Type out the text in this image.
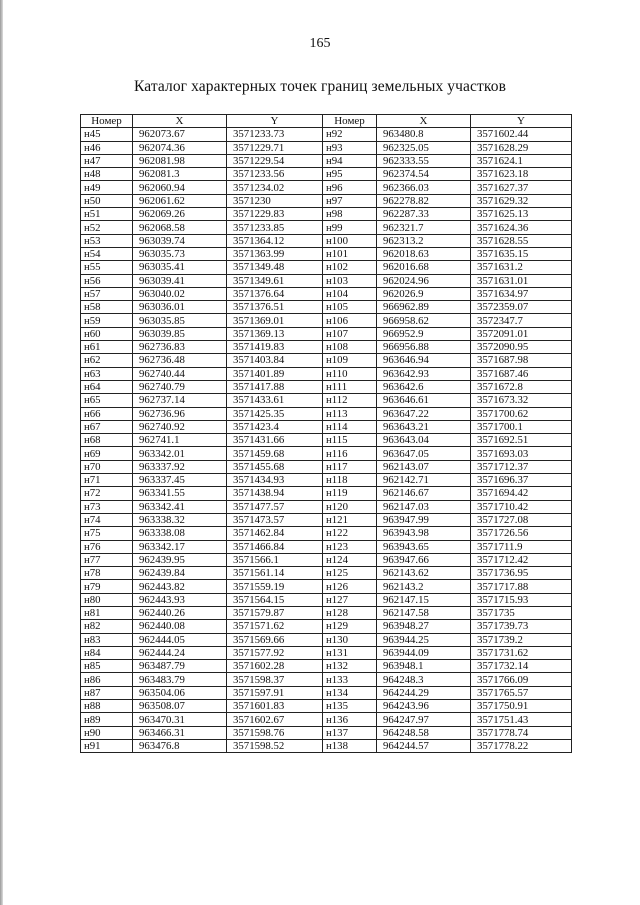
165
Каталог характерных точек границ земельных участков
Номер	X	Y	Номер	X	Y
н45	962073.67	3571233.73	н92	963480.8	3571602.44
н46	962074.36	3571229.71	н93	962325.05	3571628.29
н47	962081.98	3571229.54	н94	962333.55	3571624.1
н48	962081.3	3571233.56	н95	962374.54	3571623.18
н49	962060.94	3571234.02	н96	962366.03	3571627.37
н50	962061.62	3571230	н97	962278.82	3571629.32
н51	962069.26	3571229.83	н98	962287.33	3571625.13
н52	962068.58	3571233.85	н99	962321.7	3571624.36
н53	963039.74	3571364.12	н100	962313.2	3571628.55
н54	963035.73	3571363.99	н101	962018.63	3571635.15
н55	963035.41	3571349.48	н102	962016.68	3571631.2
н56	963039.41	3571349.61	н103	962024.96	3571631.01
н57	963040.02	3571376.64	н104	962026.9	3571634.97
н58	963036.01	3571376.51	н105	966962.89	3572359.07
н59	963035.85	3571369.01	н106	966958.62	3572347.7
н60	963039.85	3571369.13	н107	966952.9	3572091.01
н61	962736.83	3571419.83	н108	966956.88	3572090.95
н62	962736.48	3571403.84	н109	963646.94	3571687.98
н63	962740.44	3571401.89	н110	963642.93	3571687.46
н64	962740.79	3571417.88	н111	963642.6	3571672.8
н65	962737.14	3571433.61	н112	963646.61	3571673.32
н66	962736.96	3571425.35	н113	963647.22	3571700.62
н67	962740.92	3571423.4	н114	963643.21	3571700.1
н68	962741.1	3571431.66	н115	963643.04	3571692.51
н69	963342.01	3571459.68	н116	963647.05	3571693.03
н70	963337.92	3571455.68	н117	962143.07	3571712.37
н71	963337.45	3571434.93	н118	962142.71	3571696.37
н72	963341.55	3571438.94	н119	962146.67	3571694.42
н73	963342.41	3571477.57	н120	962147.03	3571710.42
н74	963338.32	3571473.57	н121	963947.99	3571727.08
н75	963338.08	3571462.84	н122	963943.98	3571726.56
н76	963342.17	3571466.84	н123	963943.65	3571711.9
н77	962439.95	3571566.1	н124	963947.66	3571712.42
н78	962439.84	3571561.14	н125	962143.62	3571736.95
н79	962443.82	3571559.19	н126	962143.2	3571717.88
н80	962443.93	3571564.15	н127	962147.15	3571715.93
н81	962440.26	3571579.87	н128	962147.58	3571735
н82	962440.08	3571571.62	н129	963948.27	3571739.73
н83	962444.05	3571569.66	н130	963944.25	3571739.2
н84	962444.24	3571577.92	н131	963944.09	3571731.62
н85	963487.79	3571602.28	н132	963948.1	3571732.14
н86	963483.79	3571598.37	н133	964248.3	3571766.09
н87	963504.06	3571597.91	н134	964244.29	3571765.57
н88	963508.07	3571601.83	н135	964243.96	3571750.91
н89	963470.31	3571602.67	н136	964247.97	3571751.43
н90	963466.31	3571598.76	н137	964248.58	3571778.74
н91	963476.8	3571598.52	н138	964244.57	3571778.22
